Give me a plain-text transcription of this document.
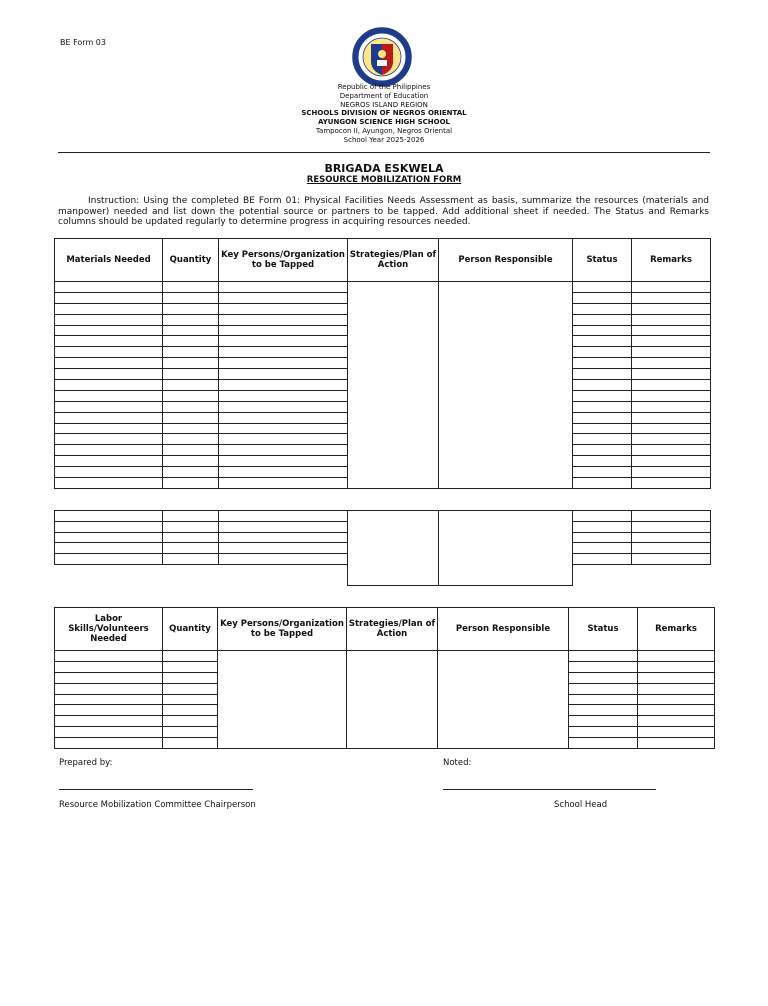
BE Form 03
Republic of the Philippines
Department of Education
NEGROS ISLAND REGION
SCHOOLS DIVISION OF NEGROS ORIENTAL
AYUNGON SCIENCE HIGH SCHOOL
Tampocon II, Ayungon, Negros Oriental
School Year 2025-2026
BRIGADA ESKWELA
RESOURCE MOBILIZATION FORM
Instruction: Using the completed BE Form 01: Physical Facilities Needs Assessment as basis, summarize the resources (materials and manpower) needed and list down the potential source or partners to be tapped. Add additional sheet if needed. The Status and Remarks columns should be updated regularly to determine progress in acquiring resources needed.
Materials Needed	Quantity	Key Persons/Organization to be Tapped	Strategies/Plan of Action	Person Responsible	Status	Remarks

Labor Skills/Volunteers Needed	Quantity	Key Persons/Organization to be Tapped	Strategies/Plan of Action	Person Responsible	Status	Remarks

Prepared by:
Resource Mobilization Committee Chairperson
Noted:
School Head
